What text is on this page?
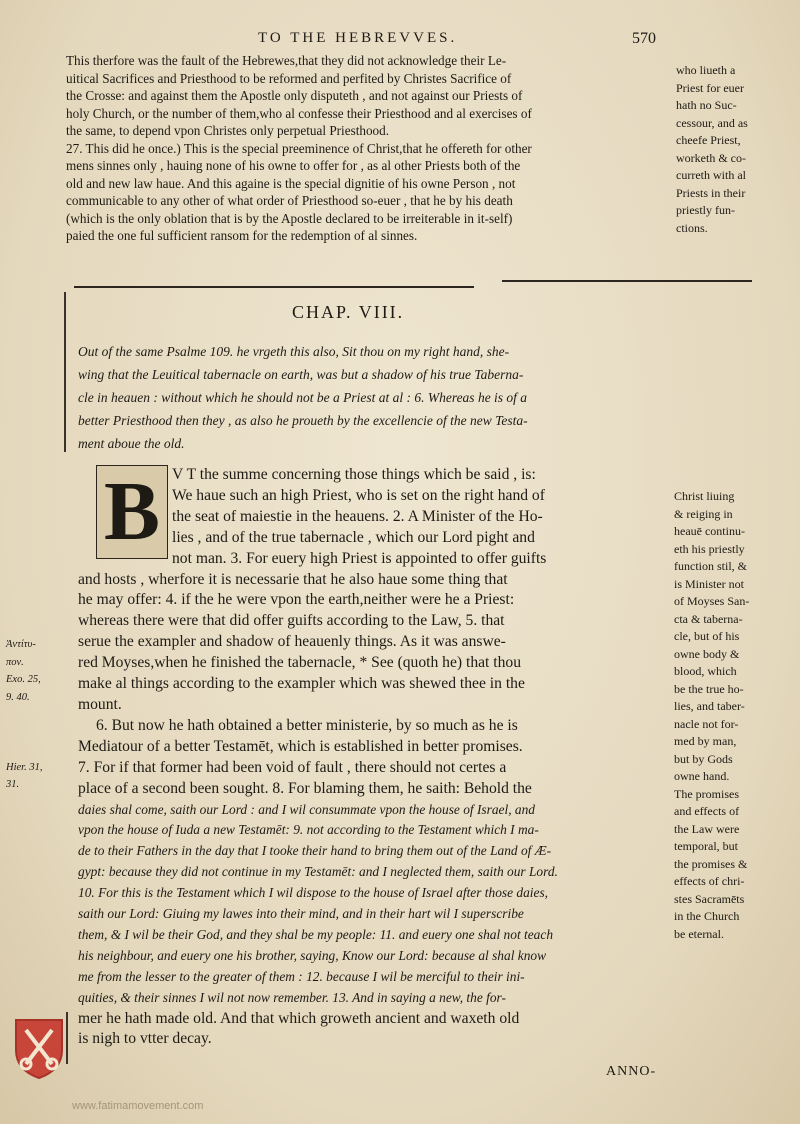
TO THE HEBREVVES.	570
This therfore was the fault of the Hebrewes,that they did not acknowledge their Le-
uitical Sacrifices and Priesthood to be reformed and perfited by Christes Sacrifice of
the Crosse: and against them the Apostle only disputeth , and not against our Priests of
holy Church, or the number of them,who al confesse their Priesthood and al exercises of
the same, to depend vpon Christes only perpetual Priesthood.
27. This did he once.) This is the special preeminence of Christ,that he offereth for other
mens sinnes only , hauing none of his owne to offer for , as al other Priests both of the
old and new law haue. And this againe is the special dignitie of his owne Person , not
communicable to any other of what order of Priesthood so-euer , that he by his death
(which is the only oblation that is by the Apostle declared to be irreiterable in it-self)
paied the one ful sufficient ransom for the redemption of al sinnes.
who liueth a
Priest for euer
hath no Suc-
cessour, and as
cheefe Priest,
worketh & co-
curreth with al
Priests in their
priestly fun-
ctions.
CHAP. VIII.
Out of the same Psalme 109. he vrgeth this also, Sit thou on my right hand, she-
wing that the Leuitical tabernacle on earth, was but a shadow of his true Taberna-
cle in heauen : without which he should not be a Priest at al : 6. Whereas he is of a
better Priesthood then they , as also he proueth by the excellencie of the new Testa-
ment aboue the old.
B V T the summe concerning those things which be said , is:
We haue such an high Priest, who is set on the right hand of
the seat of maiestie in the heauens. 2. A Minister of the Ho-
lies , and of the true tabernacle , which our Lord pight and
not man. 3. For euery high Priest is appointed to offer guifts
and hosts , wherfore it is necessarie that he also haue some thing that
he may offer: 4. if the he were vpon the earth,neither were he a Priest:
whereas there were that did offer guifts according to the Law, 5. that
serue the exampler and shadow of heauenly things. As it was answe-
red Moyses,when he finished the tabernacle, * See (quoth he) that thou
make al things according to the exampler which was shewed thee in the
mount.
6. But now he hath obtained a better ministerie, by so much as he is
Mediatour of a better Testamēt, which is established in better promises.
7. For if that former had been void of fault , there should not certes a
place of a second been sought. 8. For blaming them, he saith: Behold the
daies shal come, saith our Lord : and I wil consummate vpon the house of Israel, and
vpon the house of Iuda a new Testamēt: 9. not according to the Testament which I ma-
de to their Fathers in the day that I tooke their hand to bring them out of the Land of Æ-
gypt: because they did not continue in my Testamēt: and I neglected them, saith our Lord.
10. For this is the Testament which I wil dispose to the house of Israel after those daies,
saith our Lord: Giuing my lawes into their mind, and in their hart wil I superscribe
them, & I wil be their God, and they shal be my people: 11. and euery one shal not teach
his neighbour, and euery one his brother, saying, Know our Lord: because al shal know
me from the lesser to the greater of them : 12. because I wil be merciful to their ini-
quities, & their sinnes I wil not now remember. 13. And in saying a new, the for-
mer he hath made old. And that which groweth ancient and waxeth old
is nigh to vtter decay.
Christ liuing
& reiging in
heauē continu-
eth his priestly
function stil, &
is Minister not
of Moyses San-
cta & taberna-
cle, but of his
owne body &
blood, which
be the true ho-
lies, and taber-
nacle not for-
med by man,
but by Gods
owne hand.
The promises
and effects of
the Law were
temporal, but
the promises &
effects of chri-
stes Sacramēts
in the Church
be eternal.
Ἀντίτυ-
πον.
Exo. 25,
9. 40.

Hier. 31,
31.
ANNO-
www.fatimamovement.com
